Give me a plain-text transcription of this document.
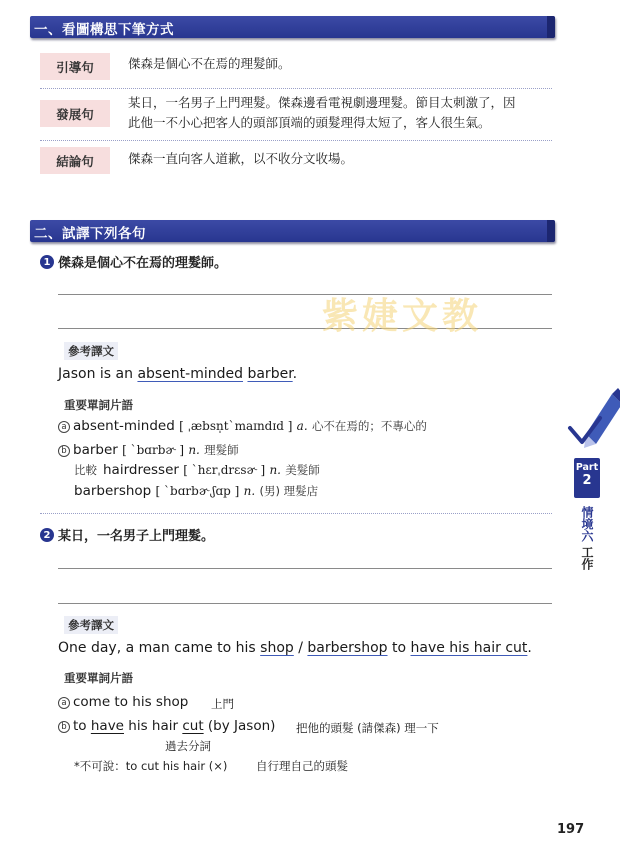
一、看圖構思下筆方式
引導句	傑森是個心不在焉的理髮師。
發展句
某日，一名男子上門理髮。傑森邊看電視劇邊理髮。節目太刺激了，因
此他一不小心把客人的頭部頂端的頭髮理得太短了，客人很生氣。
結論句	傑森一直向客人道歉，以不收分文收場。
二、試譯下列各句
1 傑森是個心不在焉的理髮師。
紫婕文教
參考譯文
Jason is an absent-minded barber.
重要單詞片語
a absent-minded [ ˌæbsn̩tˋmaɪndɪd ] a. 心不在焉的；不專心的
b barber [ ˋbɑrbɚ ] n. 理髮師
比較 hairdresser [ ˋhɛrˌdrɛsɚ ] n. 美髮師
barbershop [ ˋbɑrbɚˌʃɑp ] n. (男) 理髮店
2 某日，一名男子上門理髮。
參考譯文
One day, a man came to his shop / barbershop to have his hair cut.
重要單詞片語
a come to his shop 上門
b to have his hair cut (by Jason) 把他的頭髮 (請傑森) 理一下
過去分詞
*不可說：to cut his hair (×) 自行理自己的頭髮
Part
2
情境六
工作
197
